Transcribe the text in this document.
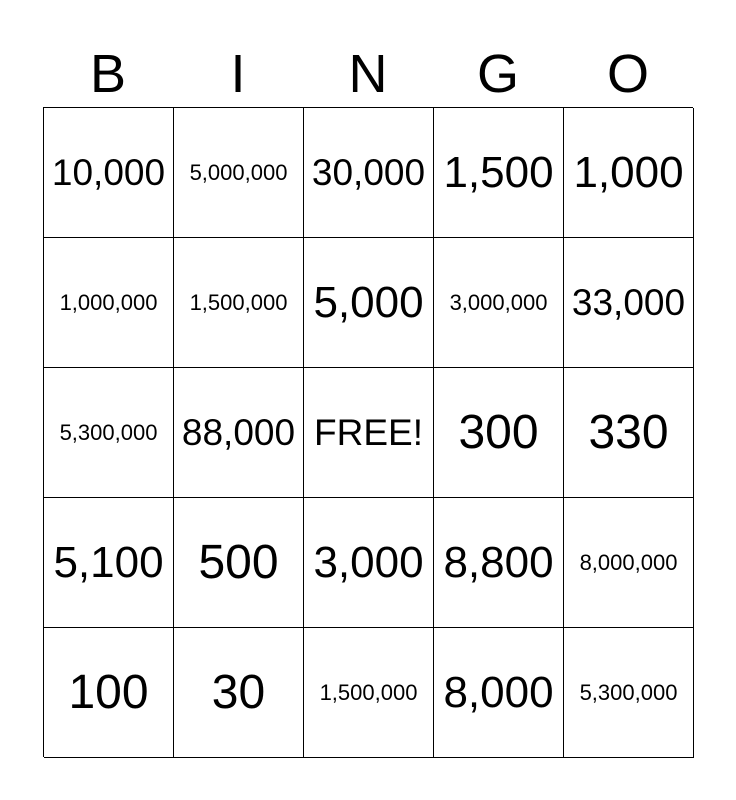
B	I	N	G	O
10,000 5,000,000 30,000 1,500 1,000
1,000,000 1,500,000 5,000 3,000,000 33,000
5,300,000 88,000 FREE! 300 330
5,100 500 3,000 8,800 8,000,000
100 30 1,500,000 8,000 5,300,000
